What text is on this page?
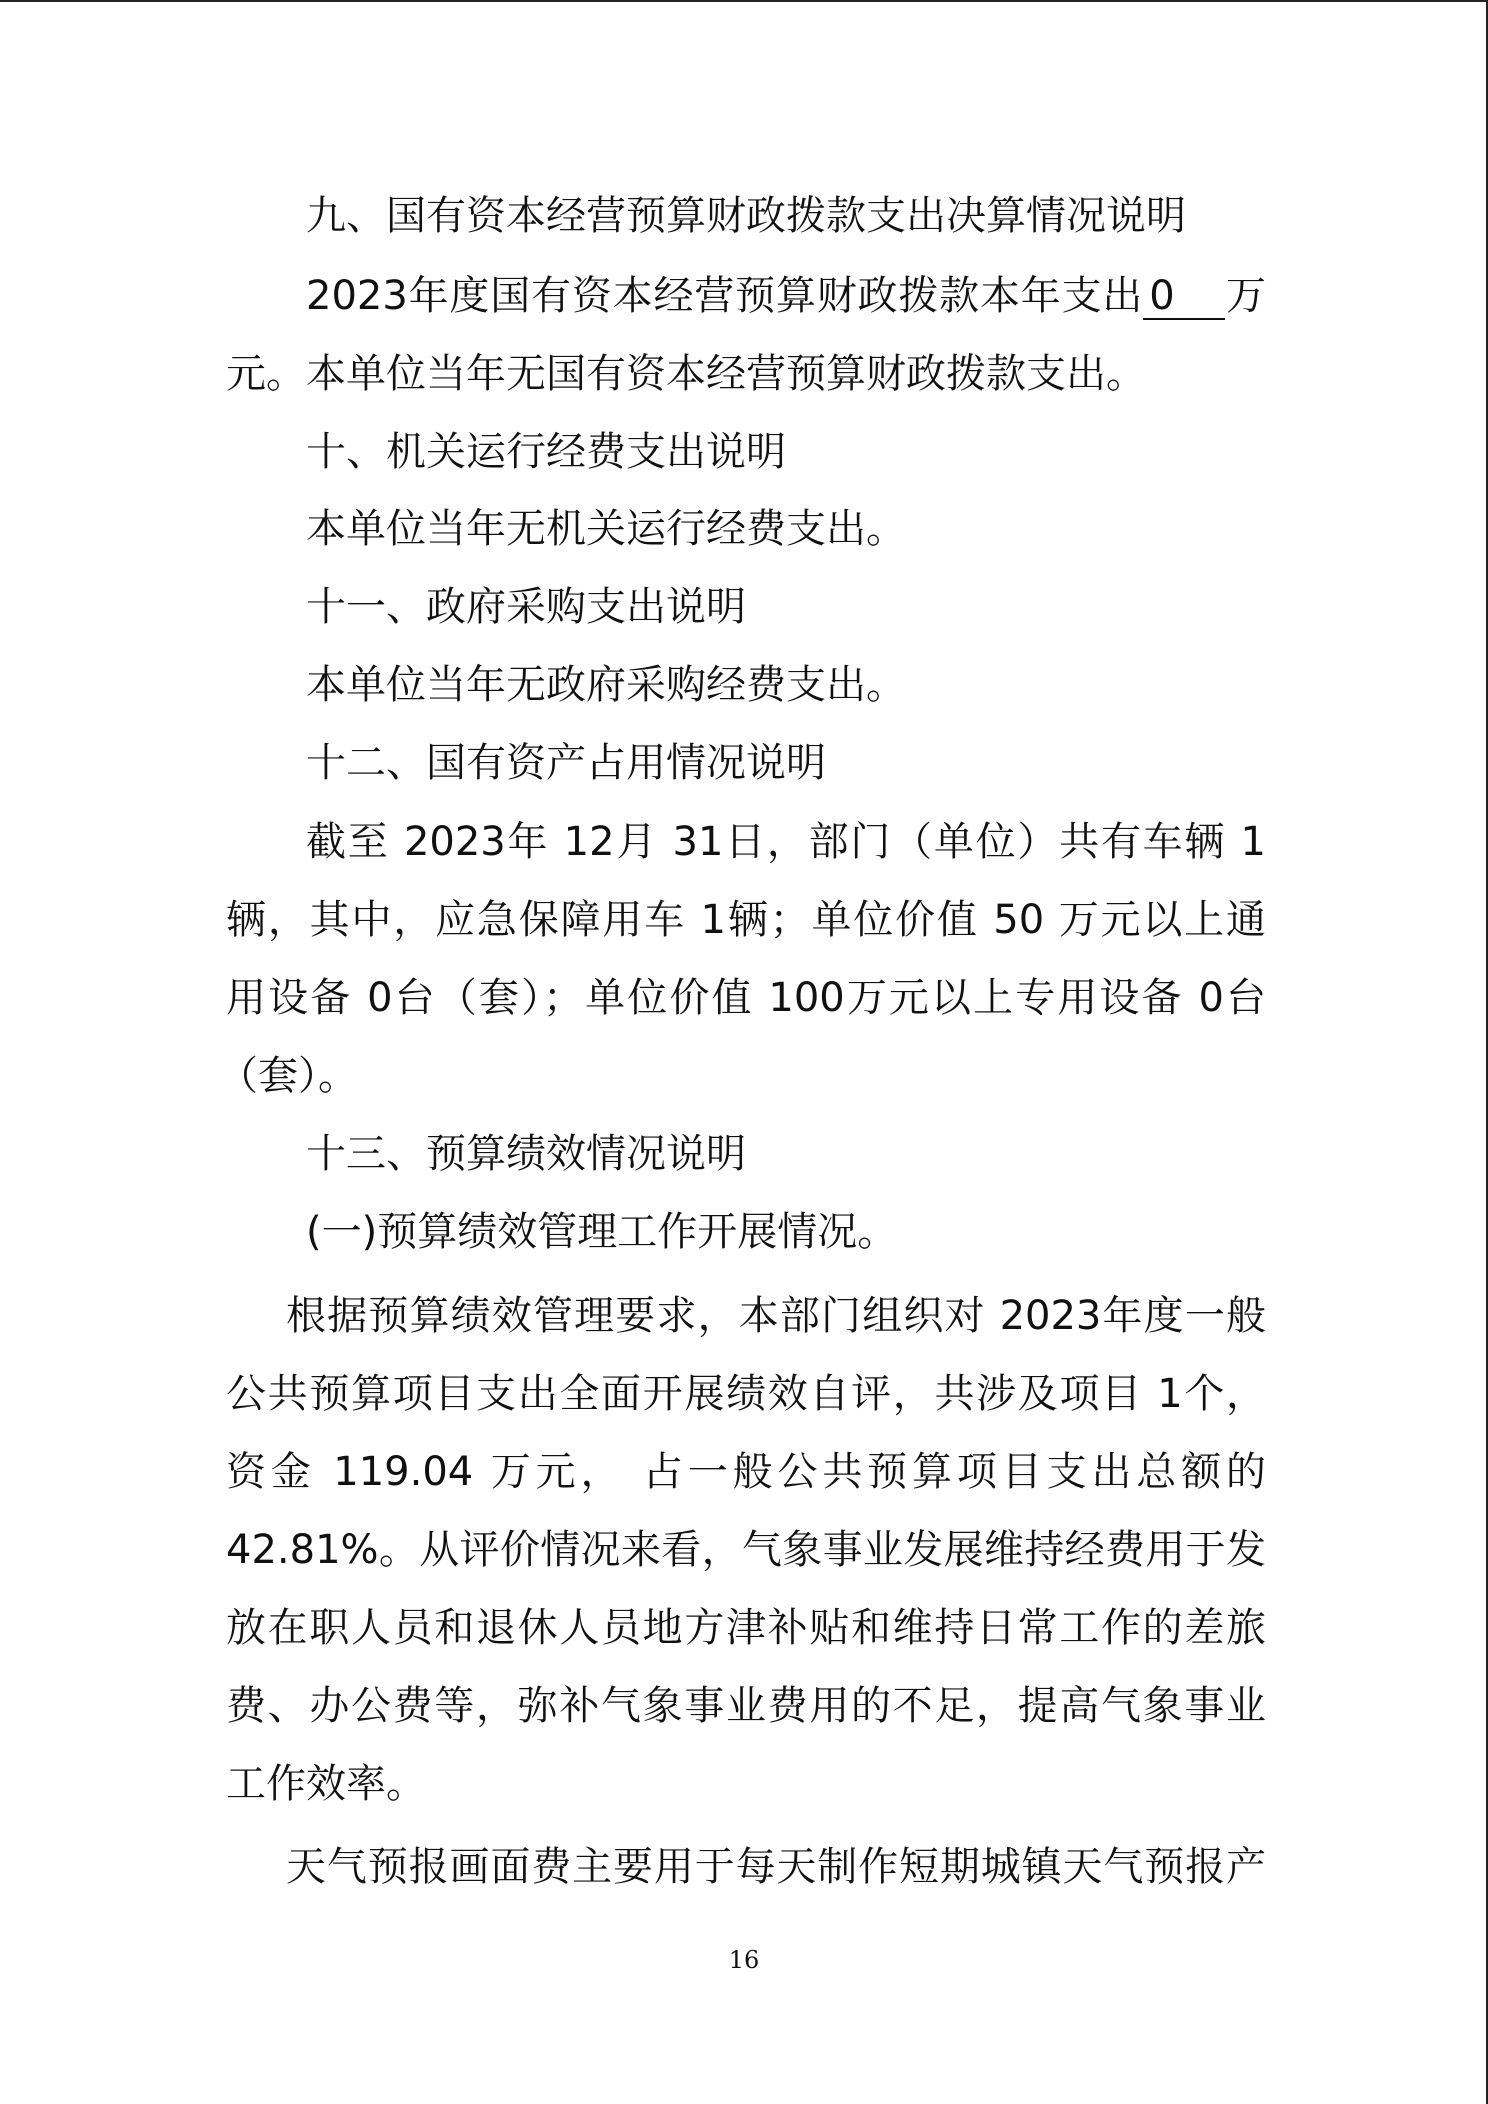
九、国有资本经营预算财政拨款支出决算情况说明
2023年度国有资本经营预算财政拨款本年支出 0 万
元。本单位当年无国有资本经营预算财政拨款支出。
十、机关运行经费支出说明
本单位当年无机关运行经费支出。
十一、政府采购支出说明
本单位当年无政府采购经费支出。
十二、国有资产占用情况说明
截至 2023年 12月 31日，部门（单位）共有车辆 1
辆，其中，应急保障用车 1辆；单位价值 50 万元以上通
用设备 0台（套）；单位价值 100万元以上专用设备 0台
（套）。
十三、预算绩效情况说明
(一)预算绩效管理工作开展情况。
根据预算绩效管理要求，本部门组织对 2023年度一般
公共预算项目支出全面开展绩效自评，共涉及项目 1个，
资金 119.04 万元， 占一般公共预算项目支出总额的
42.81%。从评价情况来看，气象事业发展维持经费用于发
放在职人员和退休人员地方津补贴和维持日常工作的差旅
费、办公费等，弥补气象事业费用的不足，提高气象事业
工作效率。
天气预报画面费主要用于每天制作短期城镇天气预报产
16
